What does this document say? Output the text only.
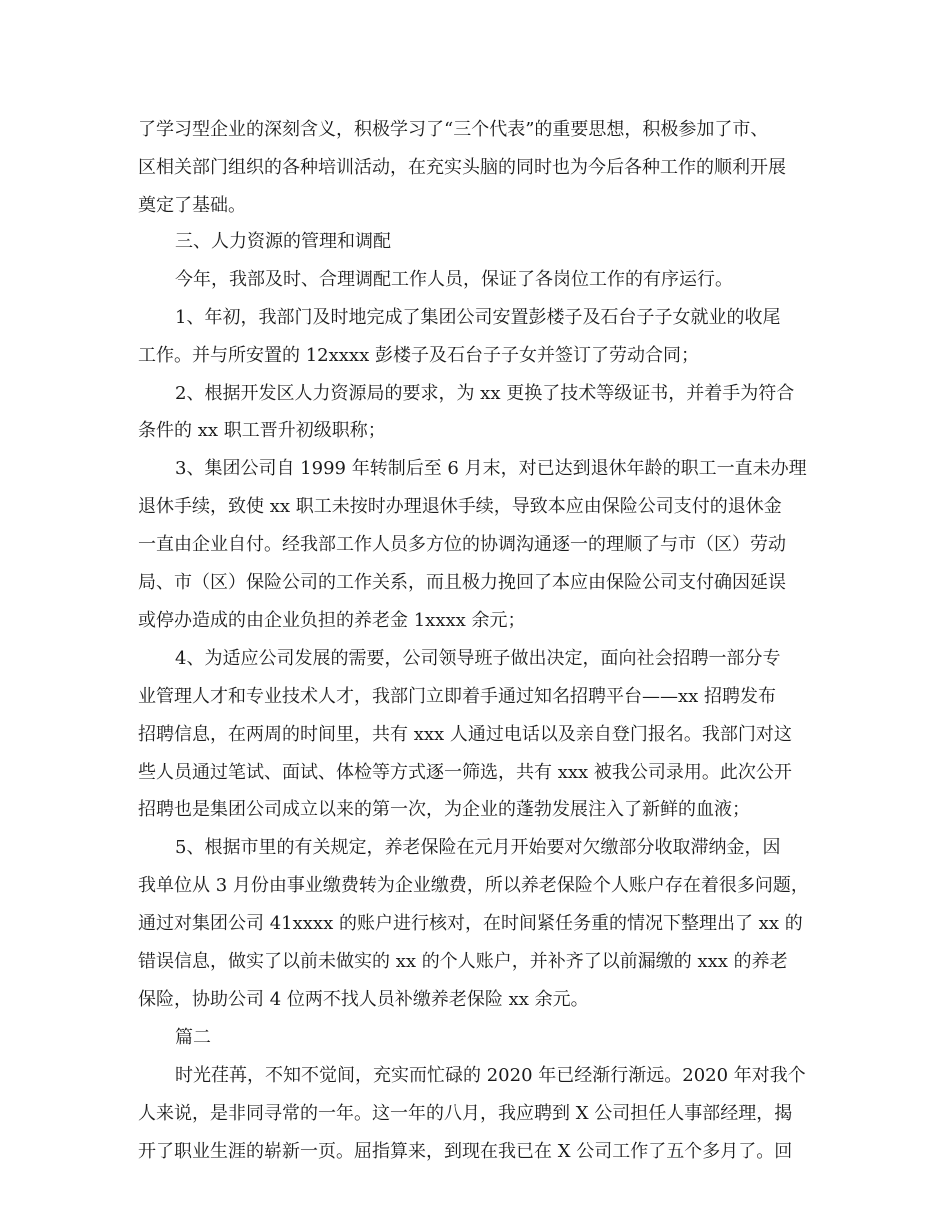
了学习型企业的深刻含义，积极学习了“三个代表”的重要思想，积极参加了市、
区相关部门组织的各种培训活动，在充实头脑的同时也为今后各种工作的顺利开展
奠定了基础。
三、人力资源的管理和调配
今年，我部及时、合理调配工作人员，保证了各岗位工作的有序运行。
1、年初，我部门及时地完成了集团公司安置彭楼子及石台子子女就业的收尾
工作。并与所安置的 12xxxx 彭楼子及石台子子女并签订了劳动合同；
2、根据开发区人力资源局的要求，为 xx 更换了技术等级证书，并着手为符合
条件的 xx 职工晋升初级职称；
3、集团公司自 1999 年转制后至 6 月末，对已达到退休年龄的职工一直未办理
退休手续，致使 xx 职工未按时办理退休手续，导致本应由保险公司支付的退休金
一直由企业自付。经我部工作人员多方位的协调沟通逐一的理顺了与市（区）劳动
局、市（区）保险公司的工作关系，而且极力挽回了本应由保险公司支付确因延误
或停办造成的由企业负担的养老金 1xxxx 余元；
4、为适应公司发展的需要，公司领导班子做出决定，面向社会招聘一部分专
业管理人才和专业技术人才，我部门立即着手通过知名招聘平台——xx 招聘发布
招聘信息，在两周的时间里，共有 xxx 人通过电话以及亲自登门报名。我部门对这
些人员通过笔试、面试、体检等方式逐一筛选，共有 xxx 被我公司录用。此次公开
招聘也是集团公司成立以来的第一次，为企业的蓬勃发展注入了新鲜的血液；
5、根据市里的有关规定，养老保险在元月开始要对欠缴部分收取滞纳金，因
我单位从 3 月份由事业缴费转为企业缴费，所以养老保险个人账户存在着很多问题，
通过对集团公司 41xxxx 的账户进行核对，在时间紧任务重的情况下整理出了 xx 的
错误信息，做实了以前未做实的 xx 的个人账户，并补齐了以前漏缴的 xxx 的养老
保险，协助公司 4 位两不找人员补缴养老保险 xx 余元。
篇二
时光荏苒，不知不觉间，充实而忙碌的 2020 年已经渐行渐远。2020 年对我个
人来说，是非同寻常的一年。这一年的八月，我应聘到 X 公司担任人事部经理，揭
开了职业生涯的崭新一页。屈指算来，到现在我已在 X 公司工作了五个多月了。回
